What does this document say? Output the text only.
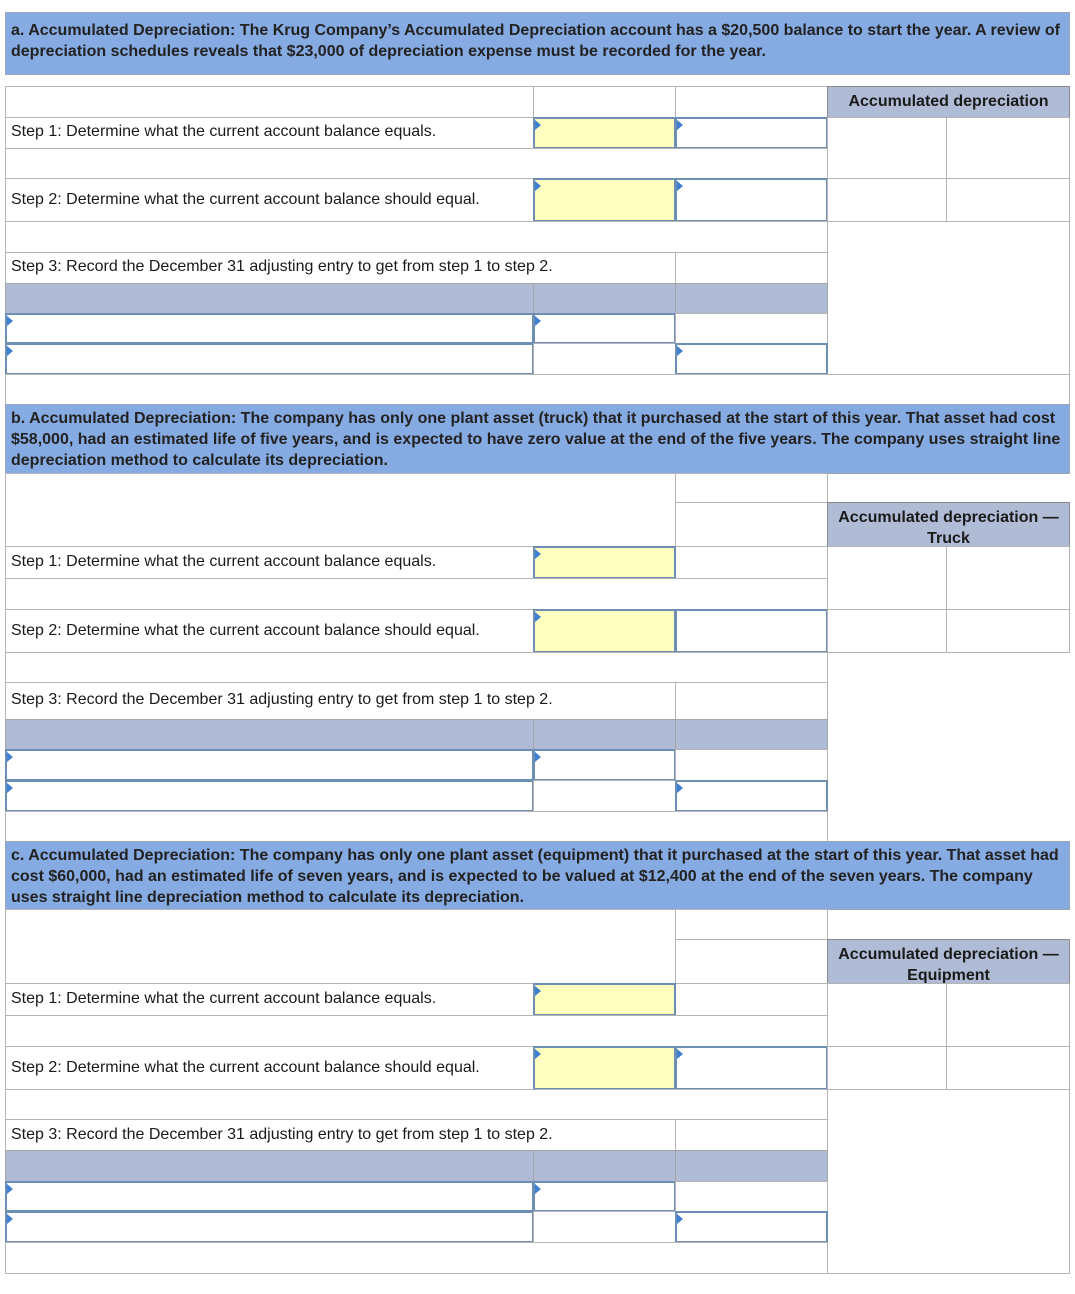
a. Accumulated Depreciation: The Krug Company’s Accumulated Depreciation account has a $20,500 balance to start the year. A review of depreciation schedules reveals that $23,000 of depreciation expense must be recorded for the year.
Accumulated depreciation
Step 1: Determine what the current account balance equals.
Step 2: Determine what the current account balance should equal.
Step 3: Record the December 31 adjusting entry to get from step 1 to step 2.
b. Accumulated Depreciation: The company has only one plant asset (truck) that it purchased at the start of this year. That asset had cost $58,000, had an estimated life of five years, and is expected to have zero value at the end of the five years. The company uses straight line depreciation method to calculate its depreciation.
Accumulated depreciation —Truck
Step 1: Determine what the current account balance equals.
Step 2: Determine what the current account balance should equal.
Step 3: Record the December 31 adjusting entry to get from step 1 to step 2.
c. Accumulated Depreciation: The company has only one plant asset (equipment) that it purchased at the start of this year. That asset had cost $60,000, had an estimated life of seven years, and is expected to be valued at $12,400 at the end of the seven years. The company uses straight line depreciation method to calculate its depreciation.
Accumulated depreciation —Equipment
Step 1: Determine what the current account balance equals.
Step 2: Determine what the current account balance should equal.
Step 3: Record the December 31 adjusting entry to get from step 1 to step 2.
